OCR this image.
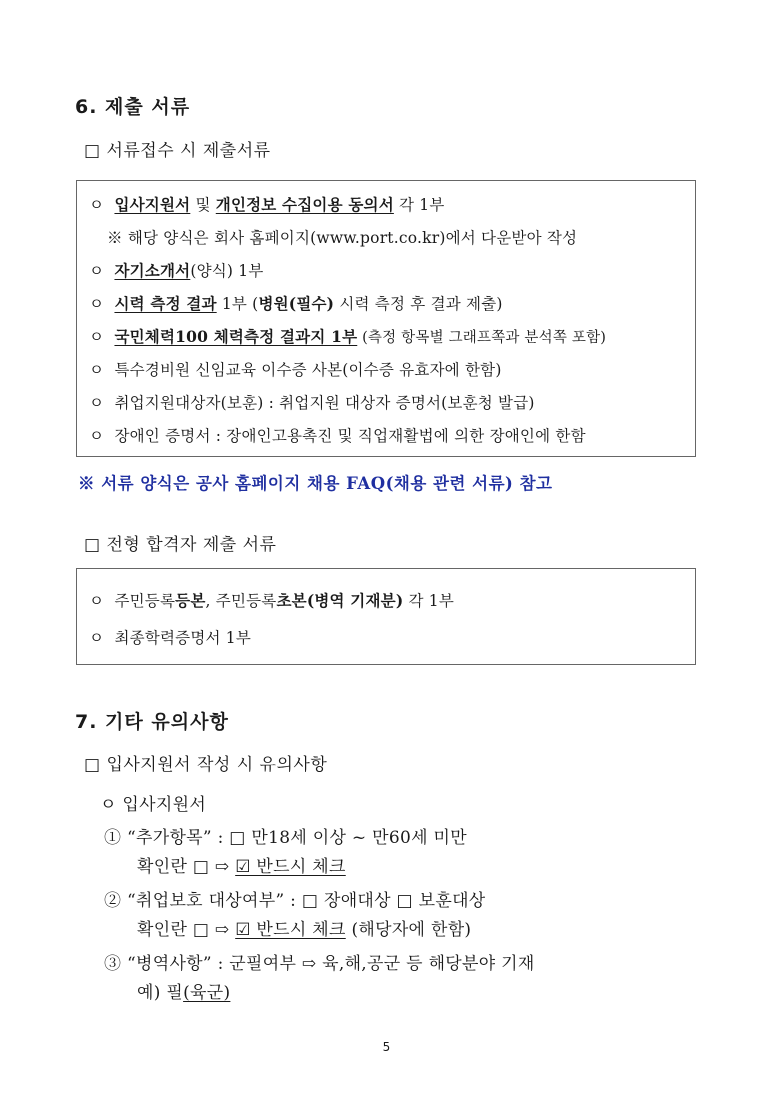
6. 제출 서류
□ 서류접수 시 제출서류
ㅇ 입사지원서 및 개인정보 수집이용 동의서 각 1부
※ 해당 양식은 회사 홈페이지(www.port.co.kr)에서 다운받아 작성
ㅇ 자기소개서(양식) 1부
ㅇ 시력 측정 결과 1부 (병원(필수) 시력 측정 후 결과 제출)
ㅇ 국민체력100 체력측정 결과지 1부 (측정 항목별 그래프쪽과 분석쪽 포함)
ㅇ 특수경비원 신임교육 이수증 사본(이수증 유효자에 한함)
ㅇ 취업지원대상자(보훈) : 취업지원 대상자 증명서(보훈청 발급)
ㅇ 장애인 증명서 : 장애인고용촉진 및 직업재활법에 의한 장애인에 한함
※ 서류 양식은 공사 홈페이지 채용 FAQ(채용 관련 서류) 참고
□ 전형 합격자 제출 서류
ㅇ 주민등록등본, 주민등록초본(병역 기재분) 각 1부
ㅇ 최종학력증명서 1부
7. 기타 유의사항
□ 입사지원서 작성 시 유의사항
ㅇ 입사지원서
① “추가항목” : □ 만18세 이상 ~ 만60세 미만
확인란 □ ⇨ ☑ 반드시 체크
② “취업보호 대상여부” : □ 장애대상 □ 보훈대상
확인란 □ ⇨ ☑ 반드시 체크 (해당자에 한함)
③ “병역사항” : 군필여부 ⇨ 육,해,공군 등 해당분야 기재
예) 필(육군)
5
